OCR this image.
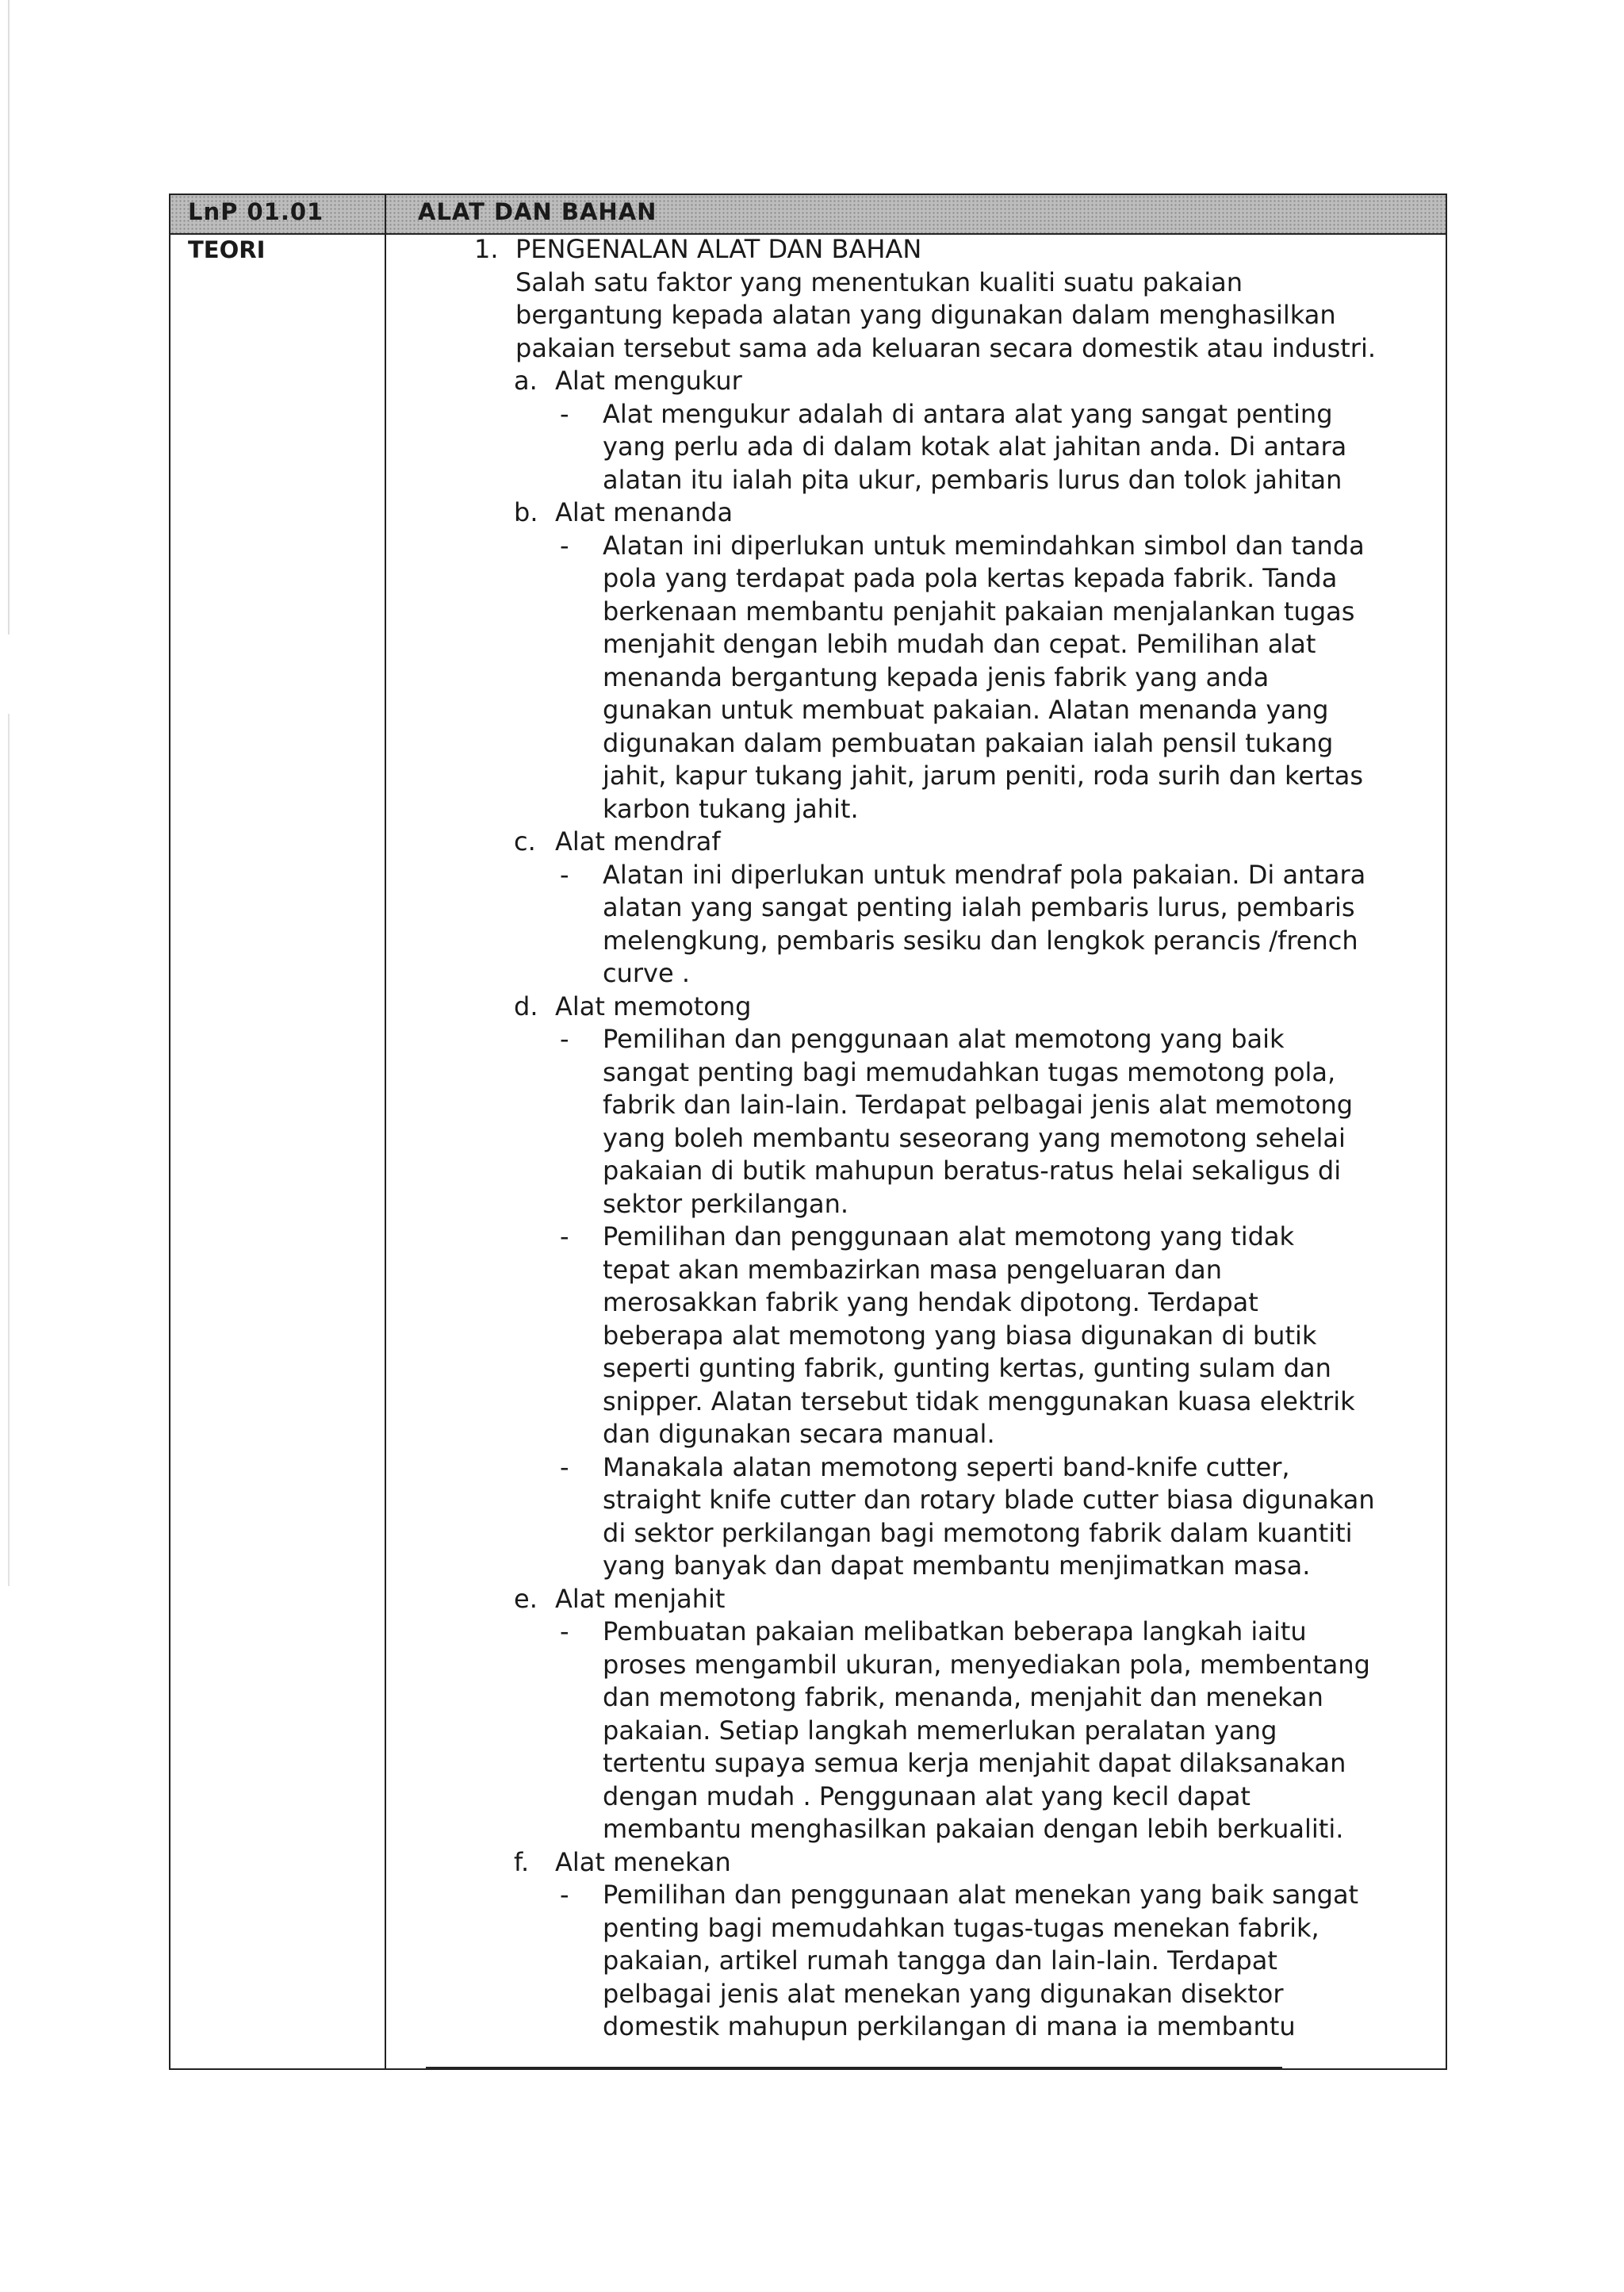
LnP 01.01	ALAT DAN BAHAN
TEORI	1. PENGENALAN ALAT DAN BAHAN
Salah satu faktor yang menentukan kualiti suatu pakaian
bergantung kepada alatan yang digunakan dalam menghasilkan
pakaian tersebut sama ada keluaran secara domestik atau industri.
a. Alat mengukur
- Alat mengukur adalah di antara alat yang sangat penting
yang perlu ada di dalam kotak alat jahitan anda. Di antara
alatan itu ialah pita ukur, pembaris lurus dan tolok jahitan
b. Alat menanda
- Alatan ini diperlukan untuk memindahkan simbol dan tanda
pola yang terdapat pada pola kertas kepada fabrik. Tanda
berkenaan membantu penjahit pakaian menjalankan tugas
menjahit dengan lebih mudah dan cepat. Pemilihan alat
menanda bergantung kepada jenis fabrik yang anda
gunakan untuk membuat pakaian. Alatan menanda yang
digunakan dalam pembuatan pakaian ialah pensil tukang
jahit, kapur tukang jahit, jarum peniti, roda surih dan kertas
karbon tukang jahit.
c. Alat mendraf
- Alatan ini diperlukan untuk mendraf pola pakaian. Di antara
alatan yang sangat penting ialah pembaris lurus, pembaris
melengkung, pembaris sesiku dan lengkok perancis /french
curve .
d. Alat memotong
- Pemilihan dan penggunaan alat memotong yang baik
sangat penting bagi memudahkan tugas memotong pola,
fabrik dan lain-lain. Terdapat pelbagai jenis alat memotong
yang boleh membantu seseorang yang memotong sehelai
pakaian di butik mahupun beratus-ratus helai sekaligus di
sektor perkilangan.
- Pemilihan dan penggunaan alat memotong yang tidak
tepat akan membazirkan masa pengeluaran dan
merosakkan fabrik yang hendak dipotong. Terdapat
beberapa alat memotong yang biasa digunakan di butik
seperti gunting fabrik, gunting kertas, gunting sulam dan
snipper. Alatan tersebut tidak menggunakan kuasa elektrik
dan digunakan secara manual.
- Manakala alatan memotong seperti band-knife cutter,
straight knife cutter dan rotary blade cutter biasa digunakan
di sektor perkilangan bagi memotong fabrik dalam kuantiti
yang banyak dan dapat membantu menjimatkan masa.
e. Alat menjahit
- Pembuatan pakaian melibatkan beberapa langkah iaitu
proses mengambil ukuran, menyediakan pola, membentang
dan memotong fabrik, menanda, menjahit dan menekan
pakaian. Setiap langkah memerlukan peralatan yang
tertentu supaya semua kerja menjahit dapat dilaksanakan
dengan mudah . Penggunaan alat yang kecil dapat
membantu menghasilkan pakaian dengan lebih berkualiti.
f. Alat menekan
- Pemilihan dan penggunaan alat menekan yang baik sangat
penting bagi memudahkan tugas-tugas menekan fabrik,
pakaian, artikel rumah tangga dan lain-lain. Terdapat
pelbagai jenis alat menekan yang digunakan disektor
domestik mahupun perkilangan di mana ia membantu
